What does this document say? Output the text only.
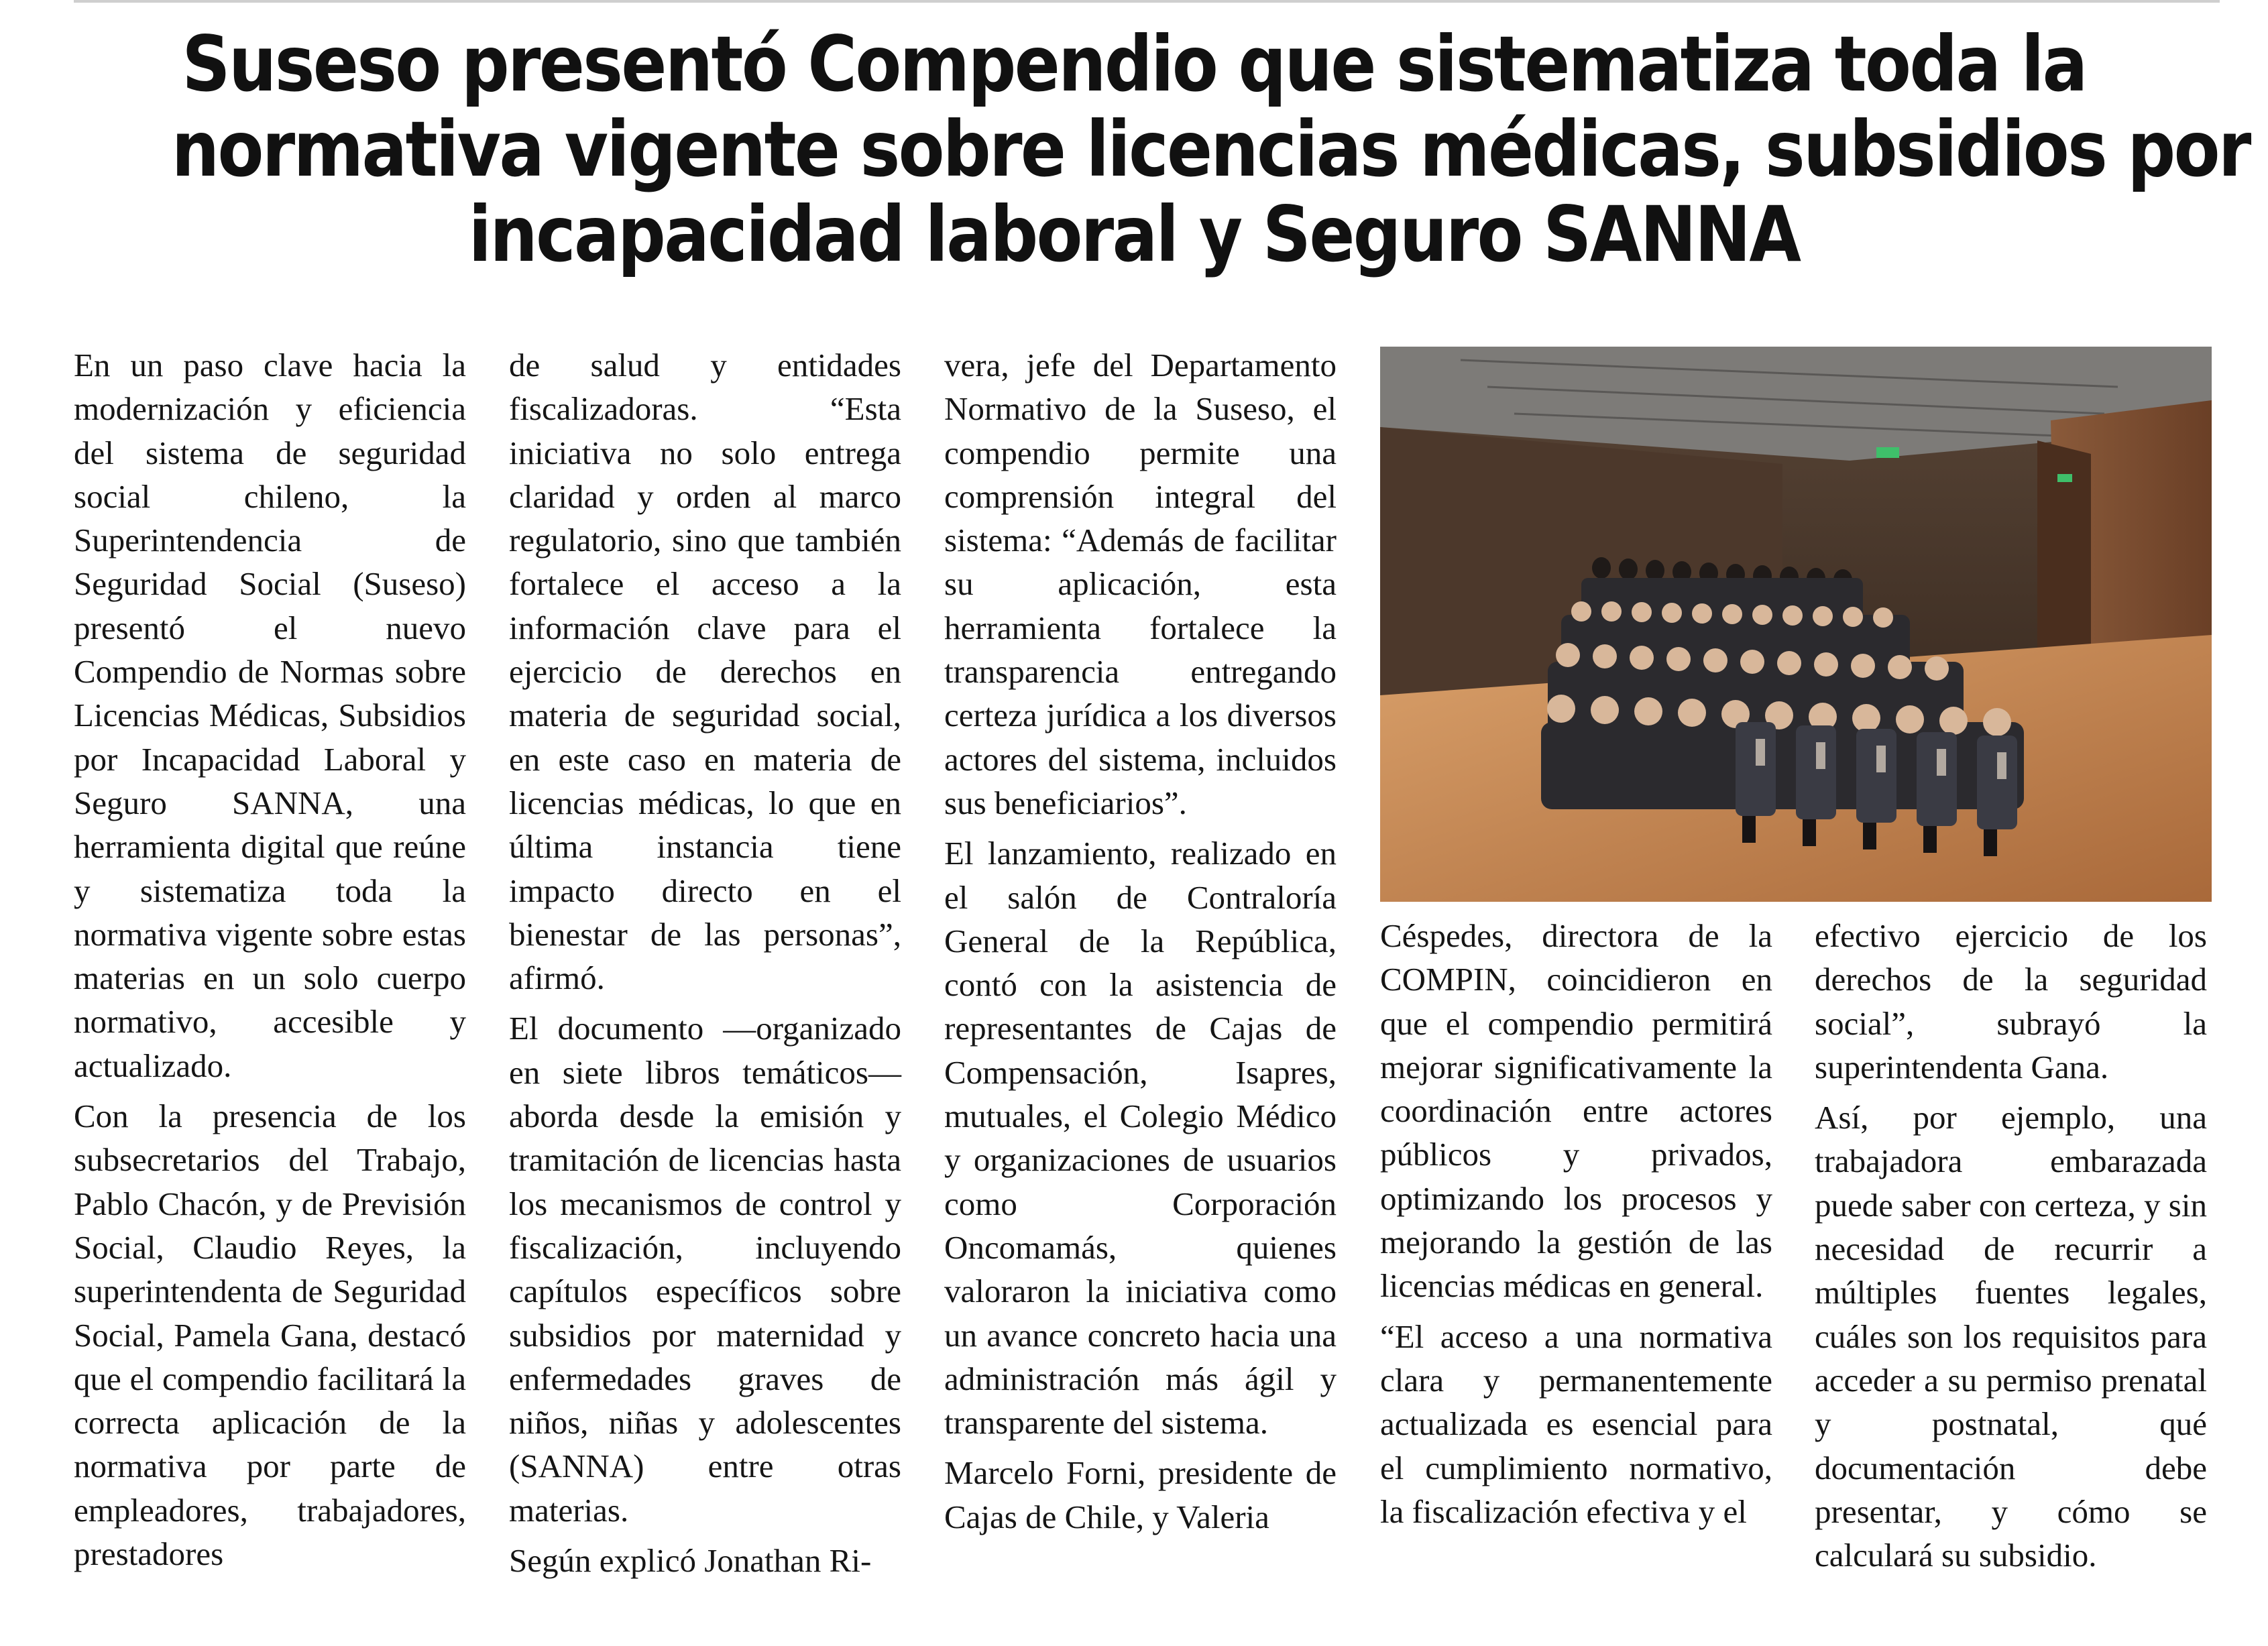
Suseso presentó Compendio que sistematiza toda la
normativa vigente sobre licencias médicas, subsidios por
incapacidad laboral y Seguro SANNA

En un paso clave hacia la modernización y eficiencia del sistema de seguridad social chileno, la Superintendencia de Seguridad Social (Suseso) presentó el nuevo Compendio de Normas sobre Licencias Médicas, Subsidios por Incapacidad Laboral y Seguro SANNA, una herramienta digital que reúne y sistematiza toda la normativa vigente sobre estas materias en un solo cuerpo normativo, accesible y actualizado.

Con la presencia de los subsecretarios del Trabajo, Pablo Chacón, y de Previsión Social, Claudio Reyes, la superintendenta de Seguridad Social, Pamela Gana, destacó que el compendio facilitará la correcta aplicación de la normativa por parte de empleadores, trabajadores, prestadores

de salud y entidades fiscalizadoras. “Esta iniciativa no solo entrega claridad y orden al marco regulatorio, sino que también fortalece el acceso a la información clave para el ejercicio de derechos en materia de seguridad social, en este caso en materia de licencias médicas, lo que en última instancia tiene impacto directo en el bienestar de las personas”, afirmó.

El documento —organizado en siete libros temáticos— aborda desde la emisión y tramitación de licencias hasta los mecanismos de control y fiscalización, incluyendo capítulos específicos sobre subsidios por maternidad y enfermedades graves de niños, niñas y adolescentes (SANNA) entre otras materias.

Según explicó Jonathan Ri-

vera, jefe del Departamento Normativo de la Suseso, el compendio permite una comprensión integral del sistema: “Además de facilitar su aplicación, esta herramienta fortalece la transparencia entregando certeza jurídica a los diversos actores del sistema, incluidos sus beneficiarios”.

El lanzamiento, realizado en el salón de Contraloría General de la República, contó con la asistencia de representantes de Cajas de Compensación, Isapres, mutuales, el Colegio Médico y organizaciones de usuarios como Corporación Oncomamás, quienes valoraron la iniciativa como un avance concreto hacia una administración más ágil y transparente del sistema.

Marcelo Forni, presidente de Cajas de Chile, y Valeria

Céspedes, directora de la COMPIN, coincidieron en que el compendio permitirá mejorar significativamente la coordinación entre actores públicos y privados, optimizando los procesos y mejorando la gestión de las licencias médicas en general.

“El acceso a una normativa clara y permanentemente actualizada es esencial para el cumplimiento normativo, la fiscalización efectiva y el

efectivo ejercicio de los derechos de la seguridad social”, subrayó la superintendenta Gana.

Así, por ejemplo, una trabajadora embarazada puede saber con certeza, y sin necesidad de recurrir a múltiples fuentes legales, cuáles son los requisitos para acceder a su permiso prenatal y postnatal, qué documentación debe presentar, y cómo se calculará su subsidio.
